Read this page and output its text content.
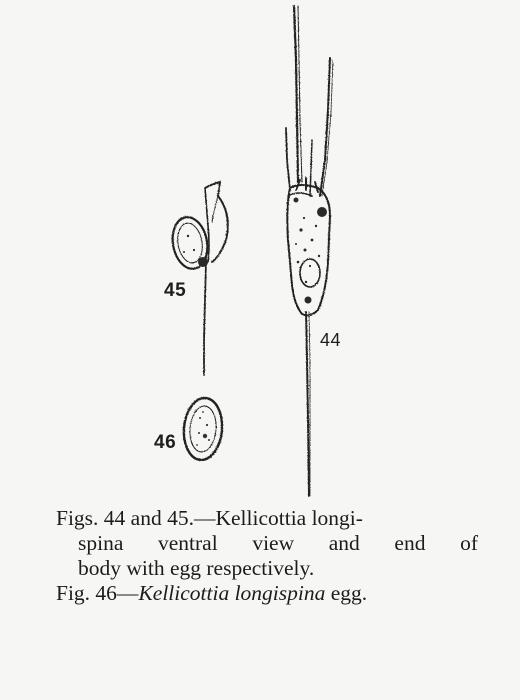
45
44
46
Figs. 44 and 45.—Kellicottia longi-
spina ventral view and end of
body with egg respectively.
Fig. 46—Kellicottia longispina egg.
